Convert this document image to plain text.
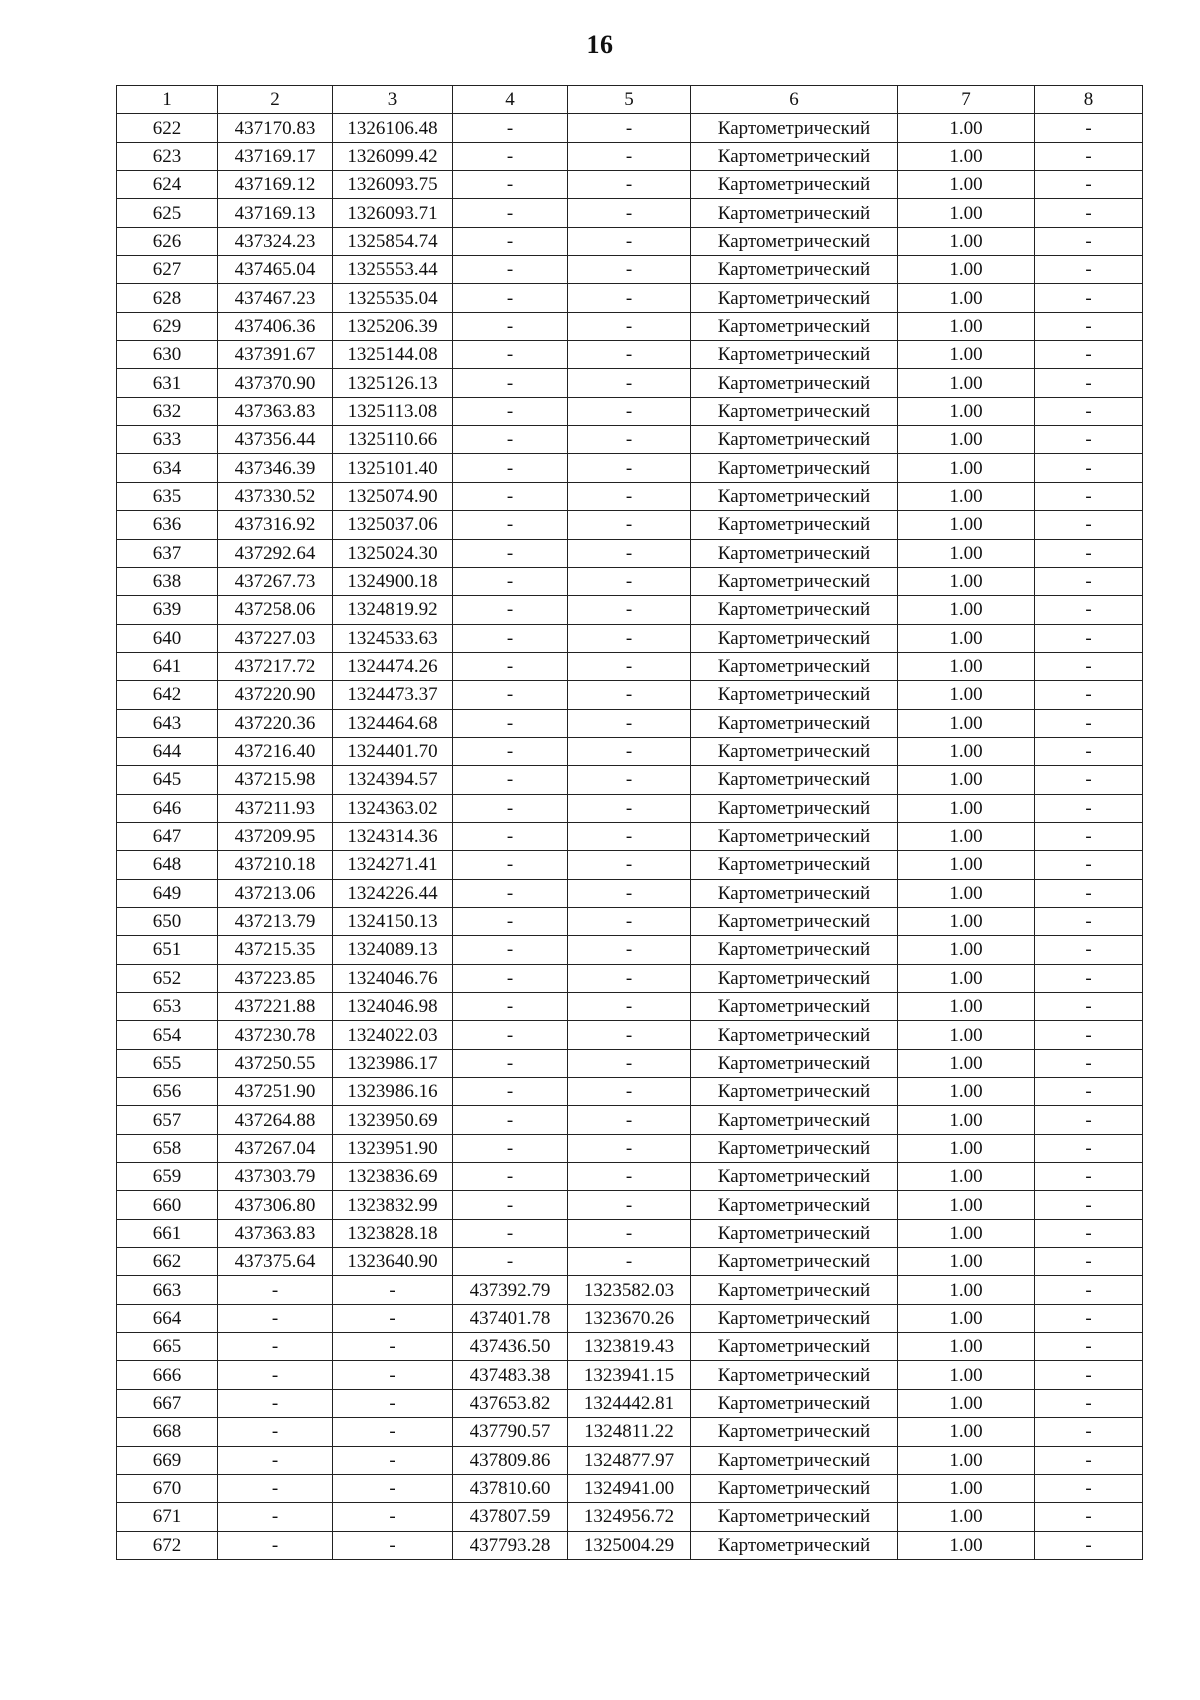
16
1	2	3	4	5	6	7	8
622	437170.83	1326106.48	-	-	Картометрический	1.00	-
623	437169.17	1326099.42	-	-	Картометрический	1.00	-
624	437169.12	1326093.75	-	-	Картометрический	1.00	-
625	437169.13	1326093.71	-	-	Картометрический	1.00	-
626	437324.23	1325854.74	-	-	Картометрический	1.00	-
627	437465.04	1325553.44	-	-	Картометрический	1.00	-
628	437467.23	1325535.04	-	-	Картометрический	1.00	-
629	437406.36	1325206.39	-	-	Картометрический	1.00	-
630	437391.67	1325144.08	-	-	Картометрический	1.00	-
631	437370.90	1325126.13	-	-	Картометрический	1.00	-
632	437363.83	1325113.08	-	-	Картометрический	1.00	-
633	437356.44	1325110.66	-	-	Картометрический	1.00	-
634	437346.39	1325101.40	-	-	Картометрический	1.00	-
635	437330.52	1325074.90	-	-	Картометрический	1.00	-
636	437316.92	1325037.06	-	-	Картометрический	1.00	-
637	437292.64	1325024.30	-	-	Картометрический	1.00	-
638	437267.73	1324900.18	-	-	Картометрический	1.00	-
639	437258.06	1324819.92	-	-	Картометрический	1.00	-
640	437227.03	1324533.63	-	-	Картометрический	1.00	-
641	437217.72	1324474.26	-	-	Картометрический	1.00	-
642	437220.90	1324473.37	-	-	Картометрический	1.00	-
643	437220.36	1324464.68	-	-	Картометрический	1.00	-
644	437216.40	1324401.70	-	-	Картометрический	1.00	-
645	437215.98	1324394.57	-	-	Картометрический	1.00	-
646	437211.93	1324363.02	-	-	Картометрический	1.00	-
647	437209.95	1324314.36	-	-	Картометрический	1.00	-
648	437210.18	1324271.41	-	-	Картометрический	1.00	-
649	437213.06	1324226.44	-	-	Картометрический	1.00	-
650	437213.79	1324150.13	-	-	Картометрический	1.00	-
651	437215.35	1324089.13	-	-	Картометрический	1.00	-
652	437223.85	1324046.76	-	-	Картометрический	1.00	-
653	437221.88	1324046.98	-	-	Картометрический	1.00	-
654	437230.78	1324022.03	-	-	Картометрический	1.00	-
655	437250.55	1323986.17	-	-	Картометрический	1.00	-
656	437251.90	1323986.16	-	-	Картометрический	1.00	-
657	437264.88	1323950.69	-	-	Картометрический	1.00	-
658	437267.04	1323951.90	-	-	Картометрический	1.00	-
659	437303.79	1323836.69	-	-	Картометрический	1.00	-
660	437306.80	1323832.99	-	-	Картометрический	1.00	-
661	437363.83	1323828.18	-	-	Картометрический	1.00	-
662	437375.64	1323640.90	-	-	Картометрический	1.00	-
663	-	-	437392.79	1323582.03	Картометрический	1.00	-
664	-	-	437401.78	1323670.26	Картометрический	1.00	-
665	-	-	437436.50	1323819.43	Картометрический	1.00	-
666	-	-	437483.38	1323941.15	Картометрический	1.00	-
667	-	-	437653.82	1324442.81	Картометрический	1.00	-
668	-	-	437790.57	1324811.22	Картометрический	1.00	-
669	-	-	437809.86	1324877.97	Картометрический	1.00	-
670	-	-	437810.60	1324941.00	Картометрический	1.00	-
671	-	-	437807.59	1324956.72	Картометрический	1.00	-
672	-	-	437793.28	1325004.29	Картометрический	1.00	-
